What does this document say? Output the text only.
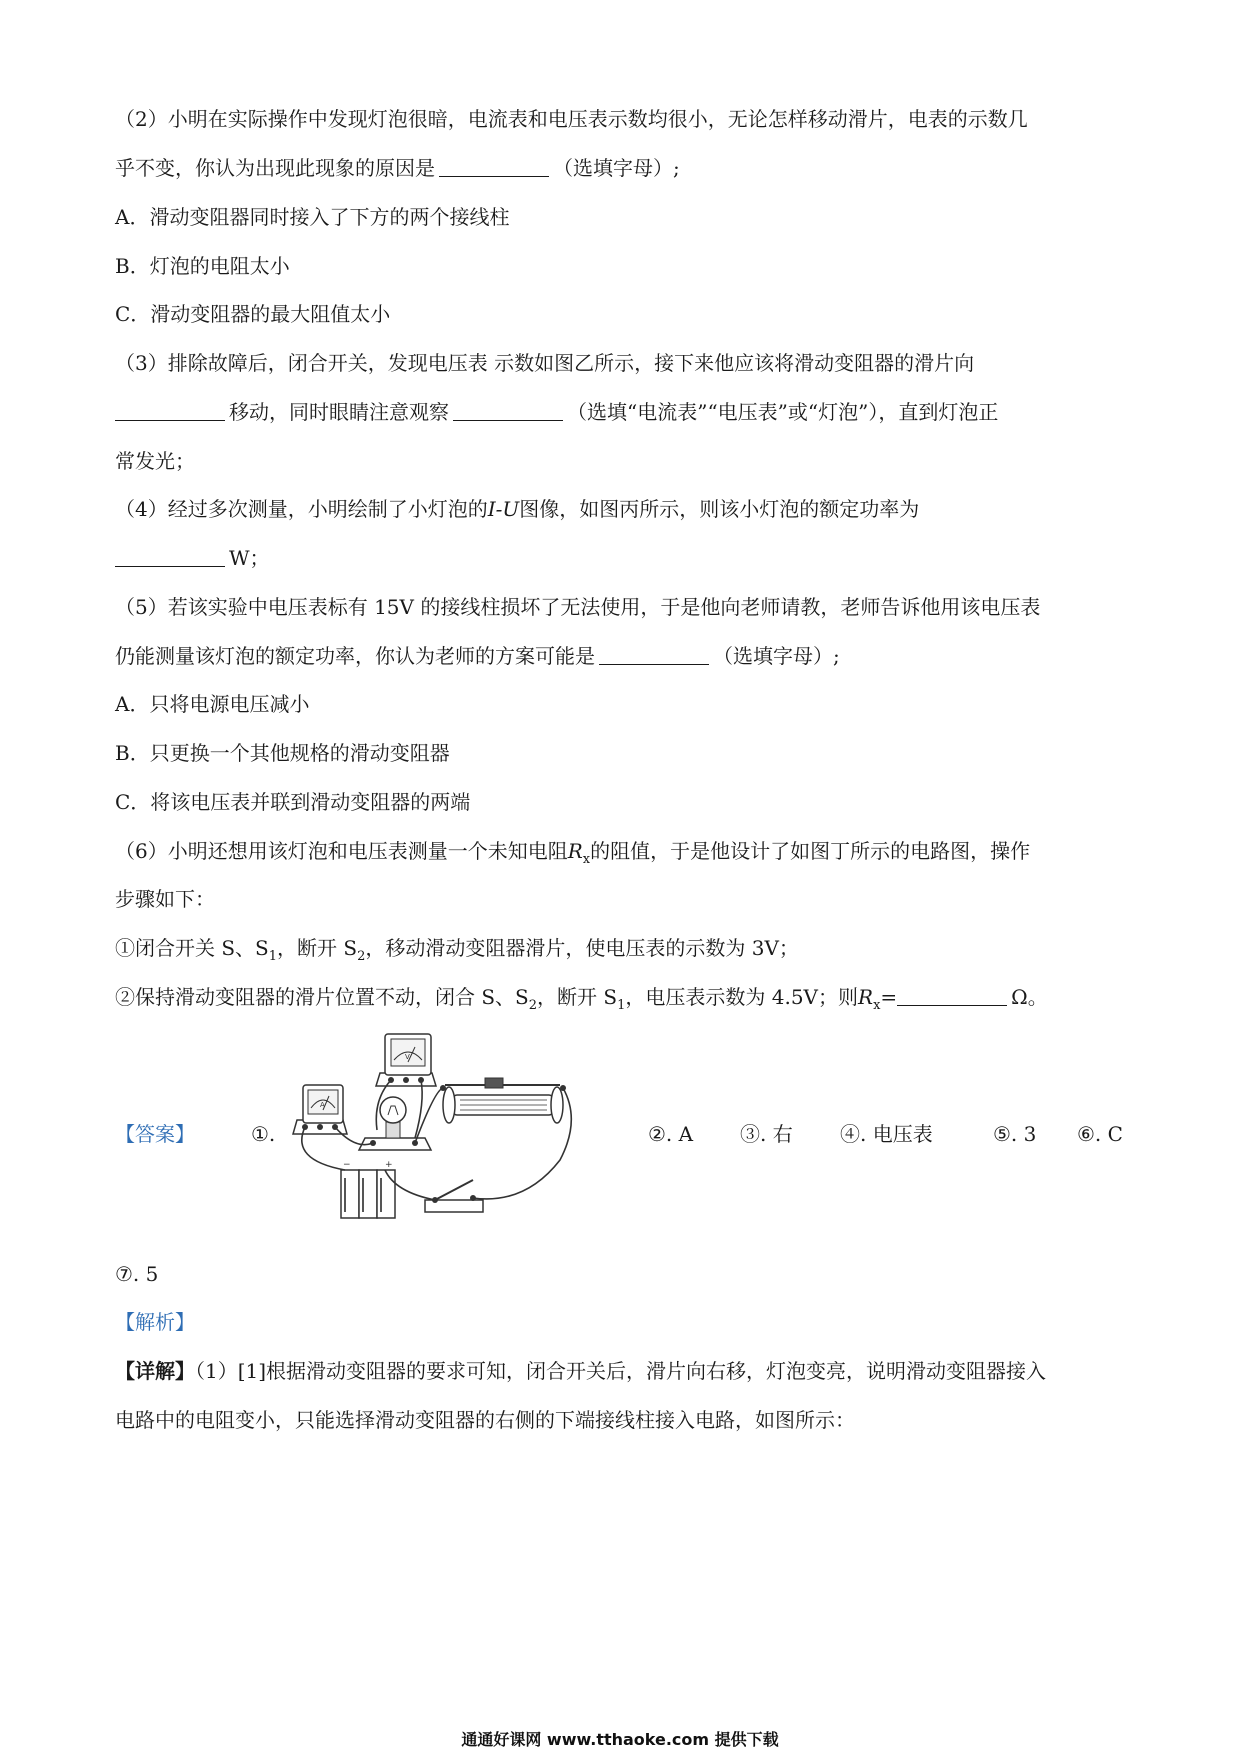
（2）小明在实际操作中发现灯泡很暗，电流表和电压表示数均很小，无论怎样移动滑片，电表的示数几
乎不变，你认为出现此现象的原因是	（选填字母）;
A．滑动变阻器同时接入了下方的两个接线柱
B．灯泡的电阻太小
C．滑动变阻器的最大阻值太小
（3）排除故障后，闭合开关，发现电压表 示数如图乙所示，接下来他应该将滑动变阻器的滑片向
移动，同时眼睛注意观察	（选填“电流表”“电压表”或“灯泡”），直到灯泡正
常发光；
（4）经过多次测量，小明绘制了小灯泡的I-U图像，如图丙所示，则该小灯泡的额定功率为
W；
（5）若该实验中电压表标有 15V 的接线柱损坏了无法使用，于是他向老师请教，老师告诉他用该电压表
仍能测量该灯泡的额定功率，你认为老师的方案可能是	（选填字母）;
A．只将电源电压减小
B．只更换一个其他规格的滑动变阻器
C．将该电压表并联到滑动变阻器的两端
（6）小明还想用该灯泡和电压表测量一个未知电阻$R_x$的阻值，于是他设计了如图丁所示的电路图，操作
步骤如下：
①闭合开关 S、$S_1$，断开 $S_2$，移动滑动变阻器滑片，使电压表的示数为 3V；
②保持滑动变阻器的滑片位置不动，闭合 S、$S_2$，断开 $S_1$，电压表示数为 4.5V；则$R_x=$	Ω。
【答案】	①.	②. A ③. 右 ④. 电压表	⑤. 3 ⑥. C
A
V
−	+
⑦. 5
【解析】
【详解】（1）[1]根据滑动变阻器的要求可知，闭合开关后，滑片向右移，灯泡变亮，说明滑动变阻器接入
电路中的电阻变小，只能选择滑动变阻器的右侧的下端接线柱接入电路，如图所示：
通通好课网 www.tthaoke.com 提供下载
